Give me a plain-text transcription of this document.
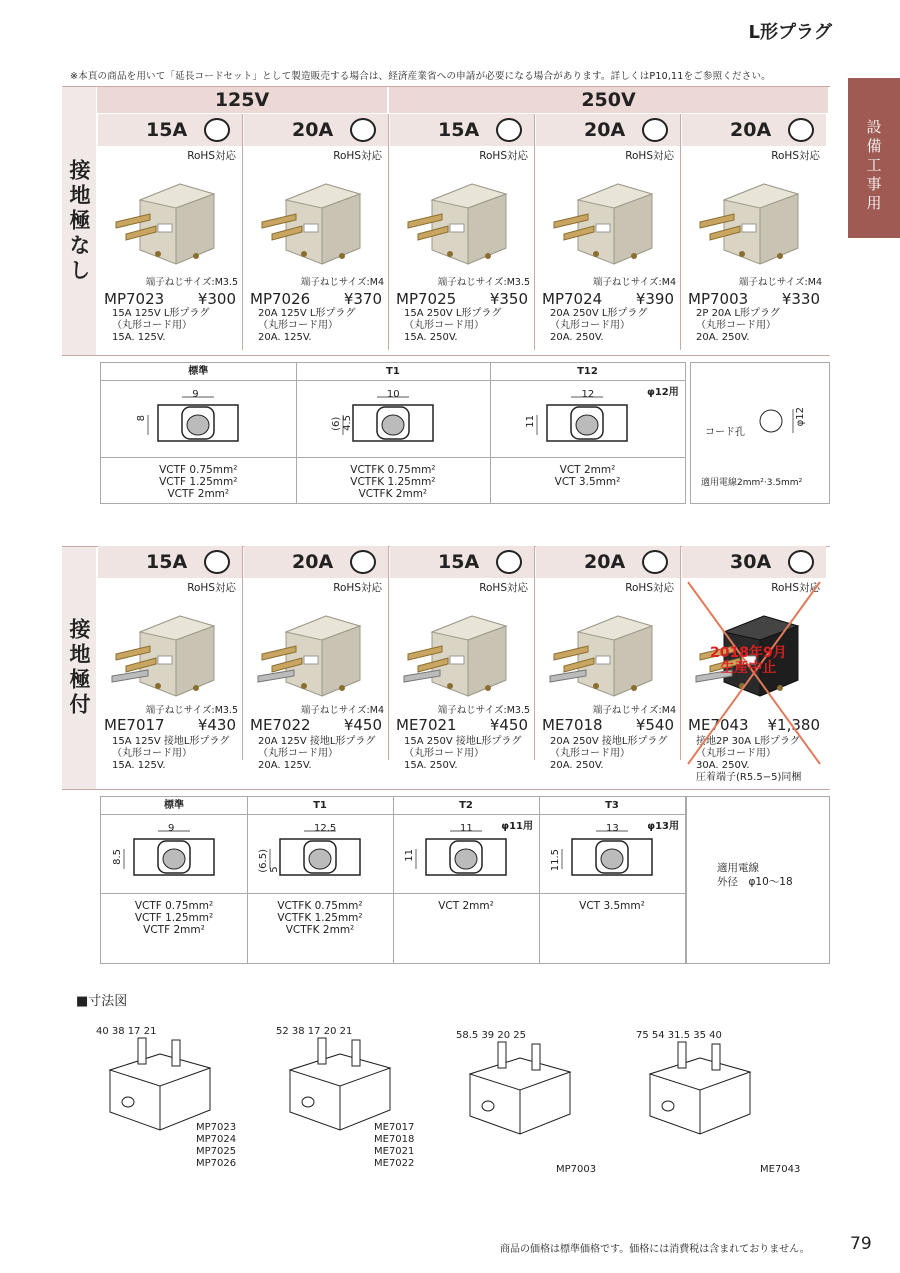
L形プラグ
設備工事用
※本頁の商品を用いて「延長コードセット」として製造販売する場合は、経済産業省への申請が必要になる場合があります。詳しくはP10,11をご参照ください。
接地極なし
125V	250V
15A
RoHS対応
端子ねじサイズ:M3.5
MP7023 ¥300
15A 125V L形プラグ
（丸形コード用）
15A. 125V.
20A
RoHS対応
端子ねじサイズ:M4
MP7026 ¥370
20A 125V L形プラグ
（丸形コード用）
20A. 125V.
15A
RoHS対応
端子ねじサイズ:M3.5
MP7025 ¥350
15A 250V L形プラグ
（丸形コード用）
15A. 250V.
20A
RoHS対応
端子ねじサイズ:M4
MP7024 ¥390
20A 250V L形プラグ
（丸形コード用）
20A. 250V.
20A
RoHS対応
端子ねじサイズ:M4
MP7003 ¥330
2P 20A L形プラグ
（丸形コード用）
20A. 250V.
標準
9
8
VCTF 0.75mm²
VCTF 1.25mm²
VCTF 2mm²
T1
10
(6)
4.5
VCTFK 0.75mm²
VCTFK 1.25mm²
VCTFK 2mm²
T12
φ12用
12
11
VCT 2mm²
VCT 3.5mm²
コード孔
φ12
適用電線2mm²·3.5mm²
接地極付
15A
RoHS対応
端子ねじサイズ:M3.5
ME7017 ¥430
15A 125V 接地L形プラグ
（丸形コード用）
15A. 125V.
20A
RoHS対応
端子ねじサイズ:M4
ME7022 ¥450
20A 125V 接地L形プラグ
（丸形コード用）
20A. 125V.
15A
RoHS対応
端子ねじサイズ:M3.5
ME7021 ¥450
15A 250V 接地L形プラグ
（丸形コード用）
15A. 250V.
20A
RoHS対応
端子ねじサイズ:M4
ME7018 ¥540
20A 250V 接地L形プラグ
（丸形コード用）
20A. 250V.
30A
RoHS対応
ME7043 ¥1,380
接地2P 30A L形プラグ
（丸形コード用）
30A. 250V.
圧着端子(R5.5−5)同梱
2018年9月
生産中止
標準
9
8.5
VCTF 0.75mm²
VCTF 1.25mm²
VCTF 2mm²
T1
12.5
(6.5)
5
VCTFK 0.75mm²
VCTFK 1.25mm²
VCTFK 2mm²
T2
φ11用
11
11
VCT 2mm²
T3
φ13用
13
11.5
VCT 3.5mm²
適用電線
外径　φ10〜18
■寸法図
40 38 17 21
MP7023
MP7024
MP7025
MP7026
52 38 17 20 21
ME7017
ME7018
ME7021
ME7022
58.5 39 20 25
MP7003
75 54 31.5 35 40
ME7043
商品の価格は標準価格です。価格には消費税は含まれておりません。 79
